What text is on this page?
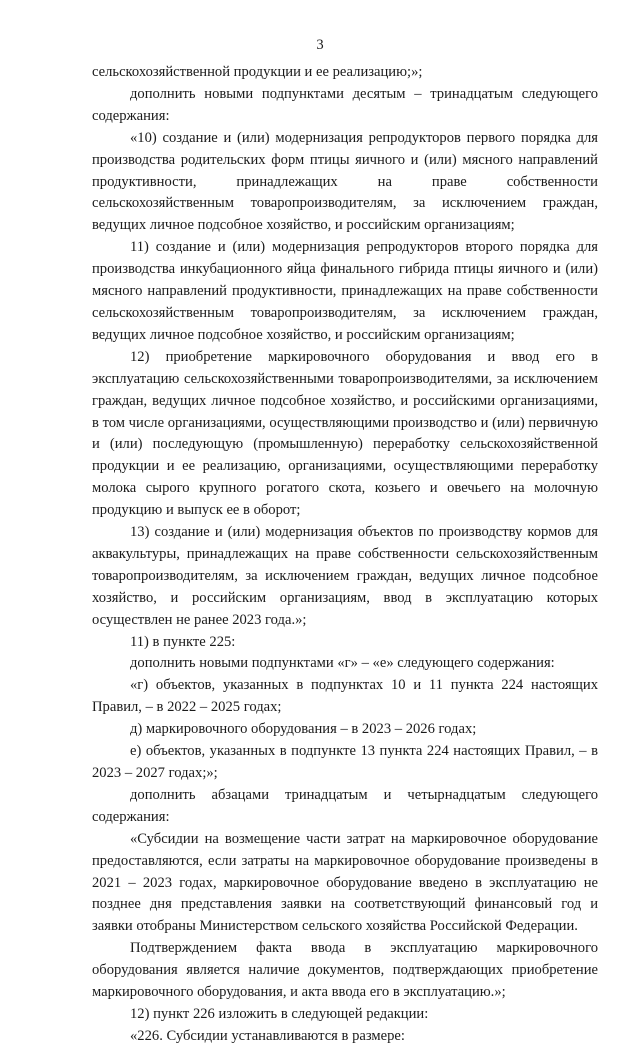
3

сельскохозяйственной продукции и ее реализацию;»;

дополнить новыми подпунктами десятым – тринадцатым следующего содержания:

«10) создание и (или) модернизация репродукторов первого порядка для производства родительских форм птицы яичного и (или) мясного направлений продуктивности, принадлежащих на праве собственности сельскохозяйственным товаропроизводителям, за исключением граждан, ведущих личное подсобное хозяйство, и российским организациям;

11) создание и (или) модернизация репродукторов второго порядка для производства инкубационного яйца финального гибрида птицы яичного и (или) мясного направлений продуктивности, принадлежащих на праве собственности сельскохозяйственным товаропроизводителям, за исключением граждан, ведущих личное подсобное хозяйство, и российским организациям;

12) приобретение маркировочного оборудования и ввод его в эксплуатацию сельскохозяйственными товаропроизводителями, за исключением граждан, ведущих личное подсобное хозяйство, и российскими организациями, в том числе организациями, осуществляющими производство и (или) первичную и (или) последующую (промышленную) переработку сельскохозяйственной продукции и ее реализацию, организациями, осуществляющими переработку молока сырого крупного рогатого скота, козьего и овечьего на молочную продукцию и выпуск ее в оборот;

13) создание и (или) модернизация объектов по производству кормов для аквакультуры, принадлежащих на праве собственности сельскохозяйственным товаропроизводителям, за исключением граждан, ведущих личное подсобное хозяйство, и российским организациям, ввод в эксплуатацию которых осуществлен не ранее 2023 года.»;

11) в пункте 225:

дополнить новыми подпунктами «г» – «е» следующего содержания:

«г) объектов, указанных в подпунктах 10 и 11 пункта 224 настоящих Правил, – в 2022 – 2025 годах;

д) маркировочного оборудования – в 2023 – 2026 годах;

е) объектов, указанных в подпункте 13 пункта 224 настоящих Правил, – в 2023 – 2027 годах;»;

дополнить абзацами тринадцатым и четырнадцатым следующего содержания:

«Субсидии на возмещение части затрат на маркировочное оборудование предоставляются, если затраты на маркировочное оборудование произведены в 2021 – 2023 годах, маркировочное оборудование введено в эксплуатацию не позднее дня представления заявки на соответствующий финансовый год и заявки отобраны Министерством сельского хозяйства Российской Федерации.

Подтверждением факта ввода в эксплуатацию маркировочного оборудования является наличие документов, подтверждающих приобретение маркировочного оборудования, и акта ввода его в эксплуатацию.»;

12) пункт 226 изложить в следующей редакции:

«226. Субсидии устанавливаются в размере:
